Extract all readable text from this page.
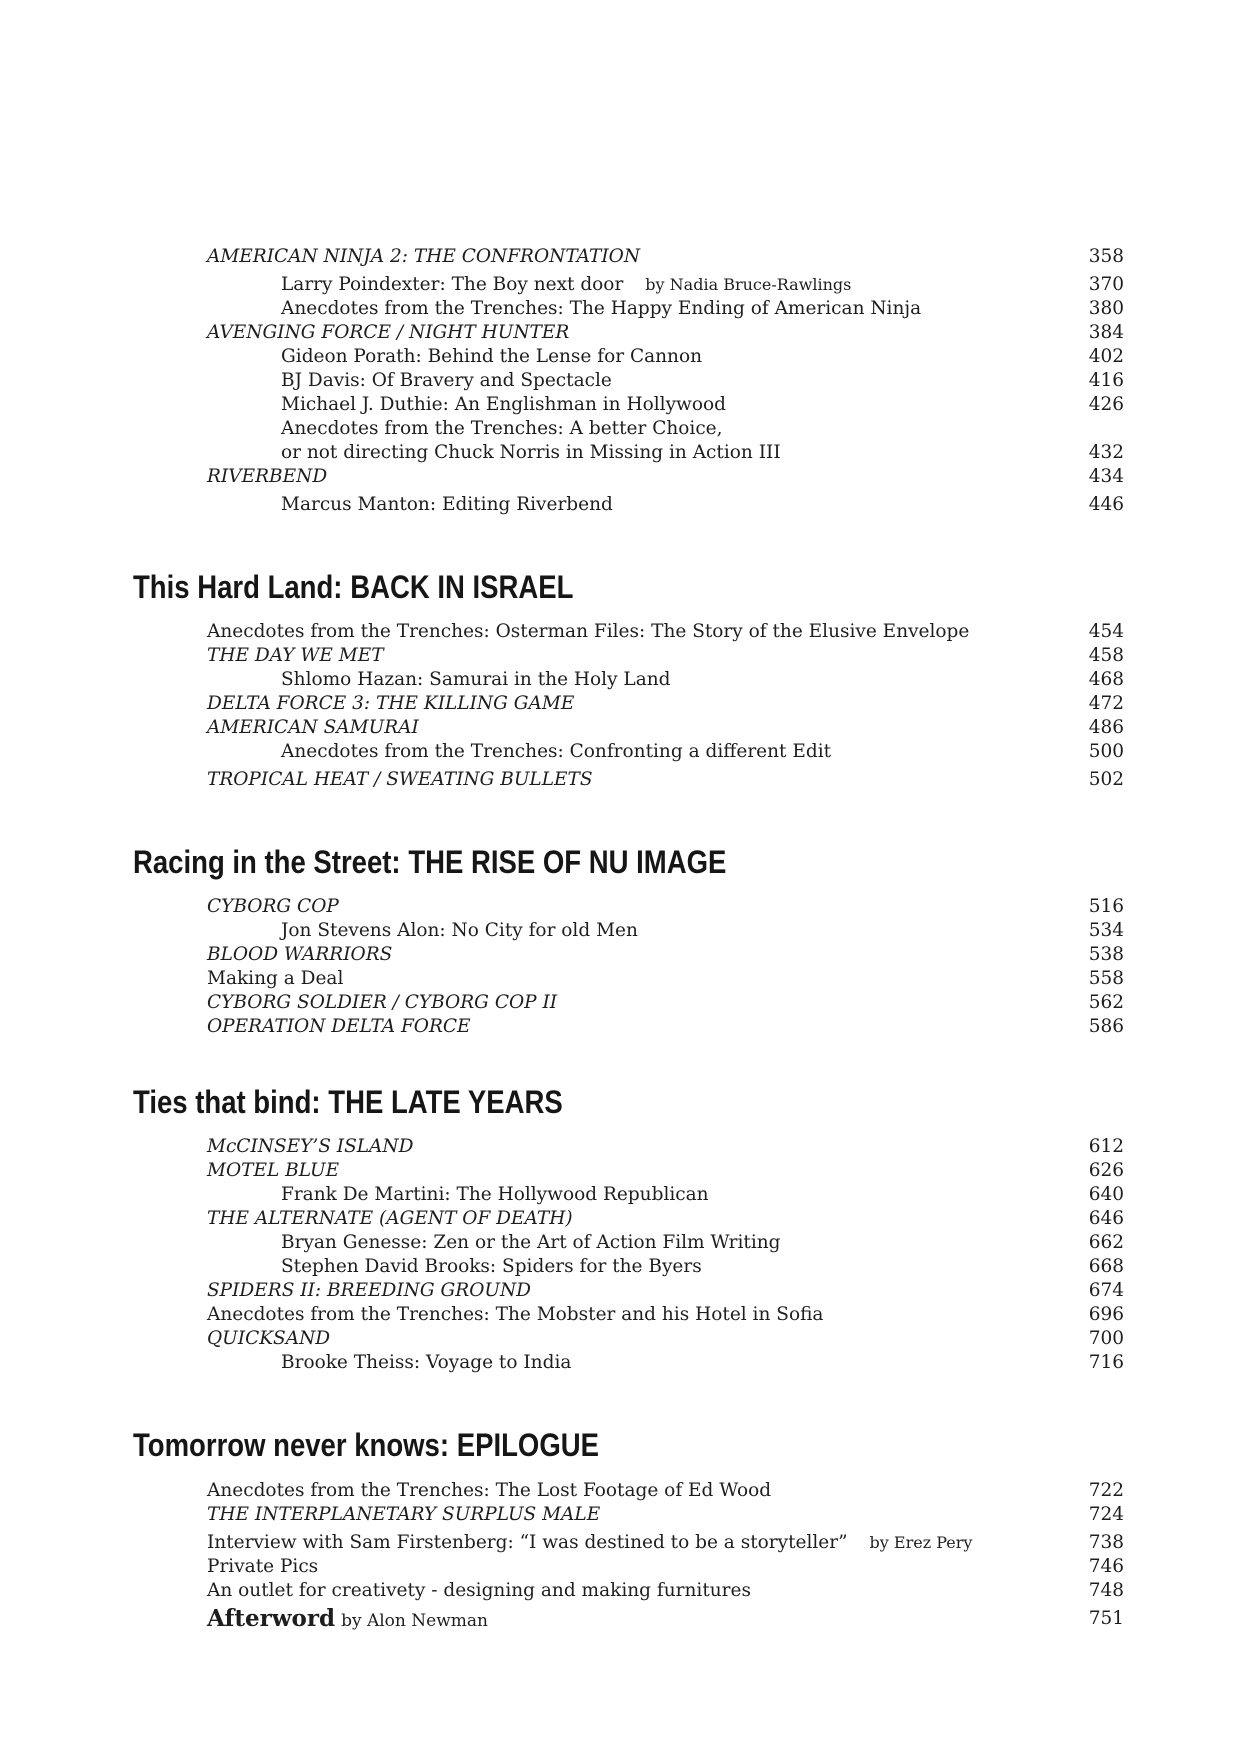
AMERICAN NINJA 2: THE CONFRONTATION	358
Larry Poindexter: The Boy next door by Nadia Bruce-Rawlings	370
Anecdotes from the Trenches: The Happy Ending of American Ninja	380
AVENGING FORCE / NIGHT HUNTER	384
Gideon Porath: Behind the Lense for Cannon	402
BJ Davis: Of Bravery and Spectacle	416
Michael J. Duthie: An Englishman in Hollywood	426
Anecdotes from the Trenches: A better Choice,
or not directing Chuck Norris in Missing in Action III	432
RIVERBEND	434
Marcus Manton: Editing Riverbend	446
This Hard Land: BACK IN ISRAEL
Anecdotes from the Trenches: Osterman Files: The Story of the Elusive Envelope	454
THE DAY WE MET	458
Shlomo Hazan: Samurai in the Holy Land	468
DELTA FORCE 3: THE KILLING GAME	472
AMERICAN SAMURAI	486
Anecdotes from the Trenches: Confronting a different Edit	500
TROPICAL HEAT / SWEATING BULLETS	502
Racing in the Street: THE RISE OF NU IMAGE
CYBORG COP	516
Jon Stevens Alon: No City for old Men	534
BLOOD WARRIORS	538
Making a Deal	558
CYBORG SOLDIER / CYBORG COP II	562
OPERATION DELTA FORCE	586
Ties that bind: THE LATE YEARS
McCINSEY’S ISLAND	612
MOTEL BLUE	626
Frank De Martini: The Hollywood Republican	640
THE ALTERNATE (AGENT OF DEATH)	646
Bryan Genesse: Zen or the Art of Action Film Writing	662
Stephen David Brooks: Spiders for the Byers	668
SPIDERS II: BREEDING GROUND	674
Anecdotes from the Trenches: The Mobster and his Hotel in Sofia	696
QUICKSAND	700
Brooke Theiss: Voyage to India	716
Tomorrow never knows: EPILOGUE
Anecdotes from the Trenches: The Lost Footage of Ed Wood	722
THE INTERPLANETARY SURPLUS MALE	724
Interview with Sam Firstenberg: “I was destined to be a storyteller” by Erez Pery	738
Private Pics	746
An outlet for creativety - designing and making furnitures	748
Afterword by Alon Newman	751
